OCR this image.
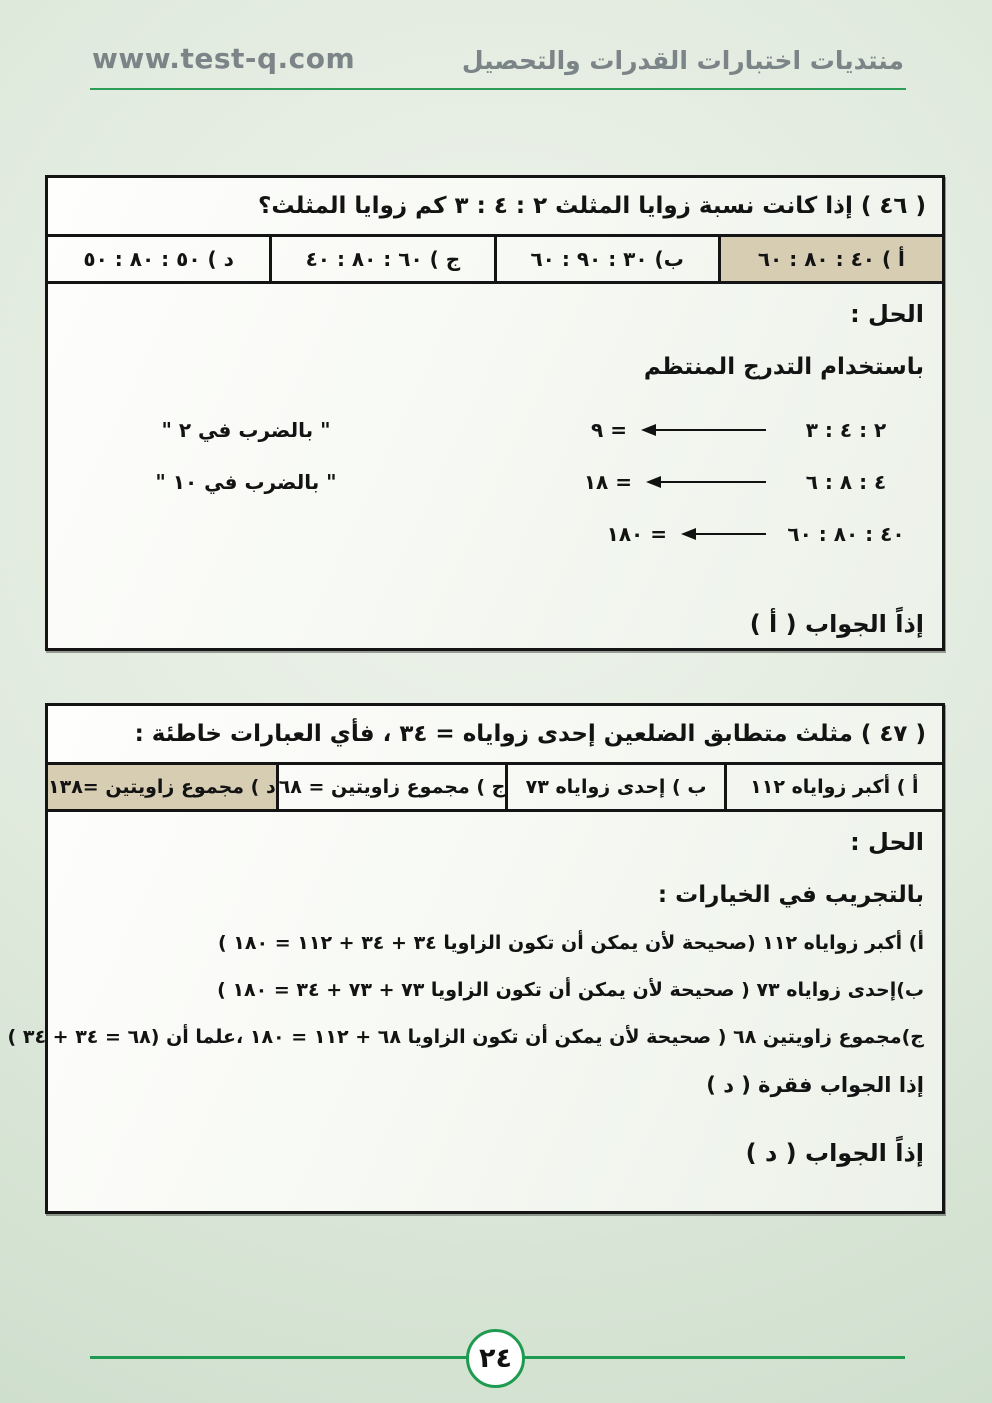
www.test-q.com	منتديات اختبارات القدرات والتحصيل
( ٤٦ ) إذا كانت نسبة زوايا المثلث ٢ : ٤ : ٣ كم زوايا المثلث؟
أ ) ٤٠ : ٨٠ : ٦٠
ب) ٣٠ : ٩٠ : ٦٠
ج ) ٦٠ : ٨٠ : ٤٠
د ) ٥٠ : ٨٠ : ٥٠
الحل :
باستخدام التدرج المنتظم
٢ : ٤ : ٣
= ٩
" بالضرب في ٢ "
٤ : ٨ : ٦
= ١٨
" بالضرب في ١٠ "
٤٠ : ٨٠ : ٦٠
= ١٨٠
إذاً الجواب ( أ )
( ٤٧ ) مثلث متطابق الضلعين إحدى زواياه = ٣٤ ، فأي العبارات خاطئة :
أ ) أكبر زواياه ١١٢
ب ) إحدى زواياه ٧٣
ج ) مجموع زاويتين = ٦٨
د ) مجموع زاويتين =١٣٨
الحل :
بالتجريب في الخيارات :
أ) أكبر زواياه ١١٢ (صحيحة لأن يمكن أن تكون الزاويا ٣٤ + ٣٤ + ١١٢ = ١٨٠ )
ب)إحدى زواياه ٧٣ ( صحيحة لأن يمكن أن تكون الزاويا ٧٣ + ٧٣ + ٣٤ = ١٨٠ )
ج)مجموع زاويتين ٦٨ ( صحيحة لأن يمكن أن تكون الزاويا ٦٨ + ١١٢ = ١٨٠ ،علما أن (٦٨ = ٣٤ + ٣٤ )
إذا الجواب فقرة ( د )
إذاً الجواب ( د )
٢٤
